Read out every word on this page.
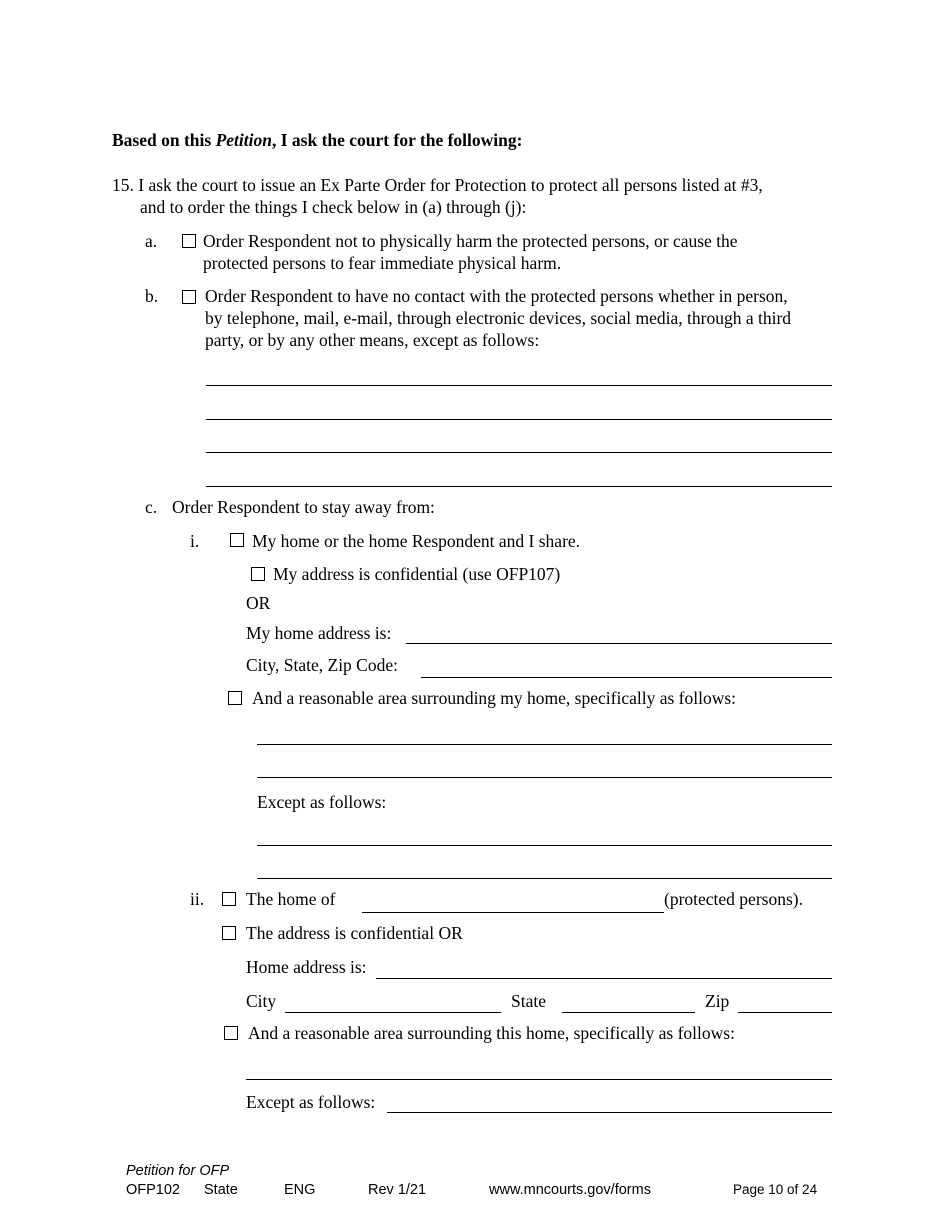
Based on this Petition, I ask the court for the following:
15. I ask the court to issue an Ex Parte Order for Protection to protect all persons listed at #3,
and to order the things I check below in (a) through (j):
a.	Order Respondent not to physically harm the protected persons, or cause the
protected persons to fear immediate physical harm.
b.	Order Respondent to have no contact with the protected persons whether in person,
by telephone, mail, e-mail, through electronic devices, social media, through a third
party, or by any other means, except as follows:
c. Order Respondent to stay away from:
i.	My home or the home Respondent and I share.
My address is confidential (use OFP107)
OR
My home address is:
City, State, Zip Code:
And a reasonable area surrounding my home, specifically as follows:
Except as follows:
ii. The home of	(protected persons).
The address is confidential OR
Home address is:
City	State	Zip
And a reasonable area surrounding this home, specifically as follows:
Except as follows:
Petition for OFP
OFP102 State	ENG	Rev 1/21	www.mncourts.gov/forms	Page 10 of 24
